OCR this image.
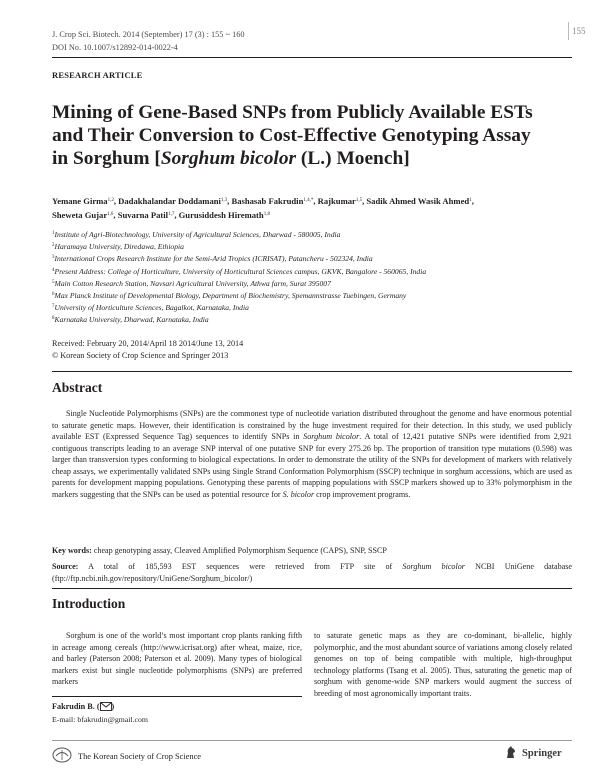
J. Crop Sci. Biotech. 2014 (September) 17 (3) : 155 ~ 160
DOI No. 10.1007/s12892-014-0022-4
155
RESEARCH ARTICLE
Mining of Gene-Based SNPs from Publicly Available ESTs
and Their Conversion to Cost-Effective Genotyping Assay
in Sorghum [Sorghum bicolor (L.) Moench]
Yemane Girma$^{1,2}$, Dadakhalandar Doddamani$^{1,3}$, Bashasab Fakrudin$^{1,4,*}$, Rajkumar$^{1,5}$, Sadik Ahmed Wasik Ahmed$^1$,
Sheweta Gujar$^{1,6}$, Suvarna Patil$^{1,7}$, Gurusiddesh Hiremath$^{1,8}$
$^1$Institute of Agri-Biotechnology, University of Agricultural Sciences, Dharwad - 580005, India
$^2$Haramaya University, Diredawa, Ethiopia
$^3$International Crops Research Institute for the Semi-Arid Tropics (ICRISAT), Patancheru - 502324, India
$^4$Present Address: College of Horticulture, University of Horticultural Sciences campus, GKVK, Bangalore - 560065, India
$^5$Main Cotton Research Station, Navsari Agricultural University, Athwa farm, Surat 395007
$^6$Max Planck Institute of Developmental Biology, Department of Biochemistry, Spemannstrasse Tuebingen, Germany
$^7$University of Horticulture Sciences, Bagalkot, Karnataka, India
$^8$Karnataka University, Dharwad, Karnataka, India
Received: February 20, 2014/April 18 2014/June 13, 2014
© Korean Society of Crop Science and Springer 2013
Abstract

Single Nucleotide Polymorphisms (SNPs) are the commonest type of nucleotide variation distributed throughout the genome and have enormous potential to saturate genetic maps. However, their identification is constrained by the huge investment required for their detection. In this study, we used publicly available EST (Expressed Sequence Tag) sequences to identify SNPs in Sorghum bicolor. A total of 12,421 putative SNPs were identified from 2,921 contiguous transcripts leading to an average SNP interval of one putative SNP for every 275.26 bp. The proportion of transition type mutations (0.598) was larger than transversion types conforming to biological expectations. In order to demonstrate the utility of the SNPs for development of markers with relatively cheap assays, we experimentally validated SNPs using Single Strand Conformation Polymorphism (SSCP) technique in sorghum accessions, which are used as parents for development mapping populations. Genotyping these parents of mapping populations with SSCP markers showed up to 33% polymorphism in the markers suggesting that the SNPs can be used as potential resource for S. bicolor crop improvement programs.

Key words: cheap genotyping assay, Cleaved Amplified Polymorphism Sequence (CAPS), SNP, SSCP

Source: A total of 185,593 EST sequences were retrieved from FTP site of Sorghum bicolor NCBI UniGene database (ftp://ftp.ncbi.nih.gov/repository/UniGene/Sorghum_bicolor/)

Introduction

Sorghum is one of the world’s most important crop plants ranking fifth in acreage among cereals (http://www.icrisat.org) after wheat, maize, rice, and barley (Paterson 2008; Paterson et al. 2009). Many types of biological markers exist but single nucleotide polymorphisms (SNPs) are preferred markers

to saturate genetic maps as they are co-dominant, bi-allelic, highly polymorphic, and the most abundant source of variations among closely related genomes on top of being compatible with multiple, high-throughput technology platforms (Tsang et al. 2005). Thus, saturating the genetic map of sorghum with genome-wide SNP markers would augment the success of breeding of most agronomically important traits.

Fakrudin B. ( )
E-mail: bfakrudin@gmail.com
The Korean Society of Crop Science	Springer
